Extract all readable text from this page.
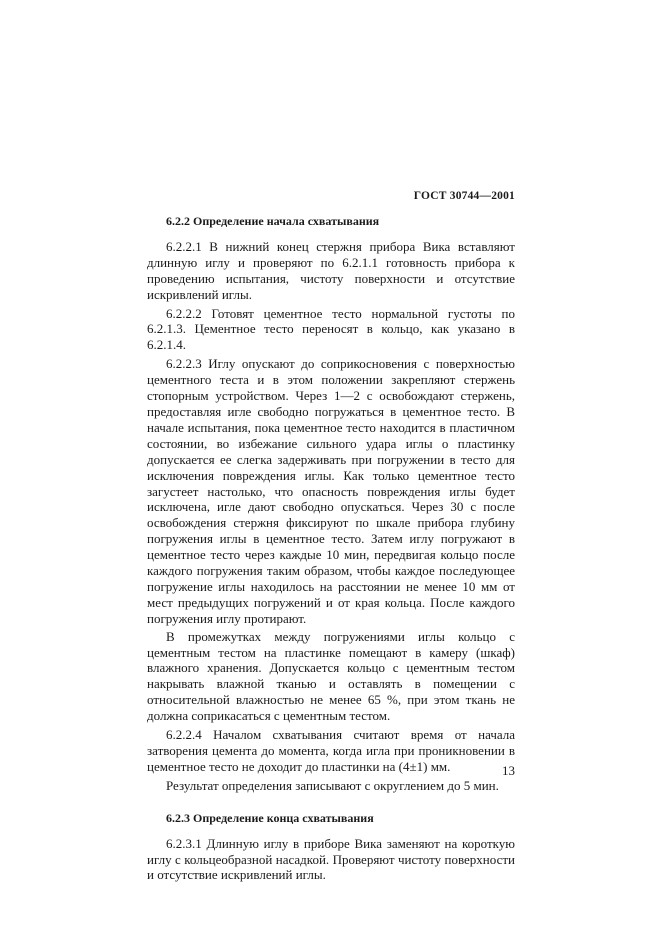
ГОСТ 30744—2001
6.2.2 Определение начала схватывания

6.2.2.1 В нижний конец стержня прибора Вика вставляют длинную иглу и проверяют по 6.2.1.1 готовность прибора к проведению испытания, чистоту поверхности и отсутствие искривлений иглы.

6.2.2.2 Готовят цементное тесто нормальной густоты по 6.2.1.3. Цементное тесто переносят в кольцо, как указано в 6.2.1.4.

6.2.2.3 Иглу опускают до соприкосновения с поверхностью цементного теста и в этом положении закрепляют стержень стопорным устройством. Через 1—2 с освобождают стержень, предоставляя игле свободно погружаться в цементное тесто. В начале испытания, пока цементное тесто находится в пластичном состоянии, во избежание сильного удара иглы о пластинку допускается ее слегка задерживать при погружении в тесто для исключения повреждения иглы. Как только цементное тесто загустеет настолько, что опасность повреждения иглы будет исключена, игле дают свободно опускаться. Через 30 с после освобождения стержня фиксируют по шкале прибора глубину погружения иглы в цементное тесто. Затем иглу погружают в цементное тесто через каждые 10 мин, передвигая кольцо после каждого погружения таким образом, чтобы каждое последующее погружение иглы находилось на расстоянии не менее 10 мм от мест предыдущих погружений и от края кольца. После каждого погружения иглу протирают.

В промежутках между погружениями иглы кольцо с цементным тестом на пластинке помещают в камеру (шкаф) влажного хранения. Допускается кольцо с цементным тестом накрывать влажной тканью и оставлять в помещении с относительной влажностью не менее 65 %, при этом ткань не должна соприкасаться с цементным тестом.

6.2.2.4 Началом схватывания считают время от начала затворения цемента до момента, когда игла при проникновении в цементное тесто не доходит до пластинки на (4±1) мм.

Результат определения записывают с округлением до 5 мин.

6.2.3 Определение конца схватывания

6.2.3.1 Длинную иглу в приборе Вика заменяют на короткую иглу с кольцеобразной насадкой. Проверяют чистоту поверхности и отсутствие искривлений иглы.

13
